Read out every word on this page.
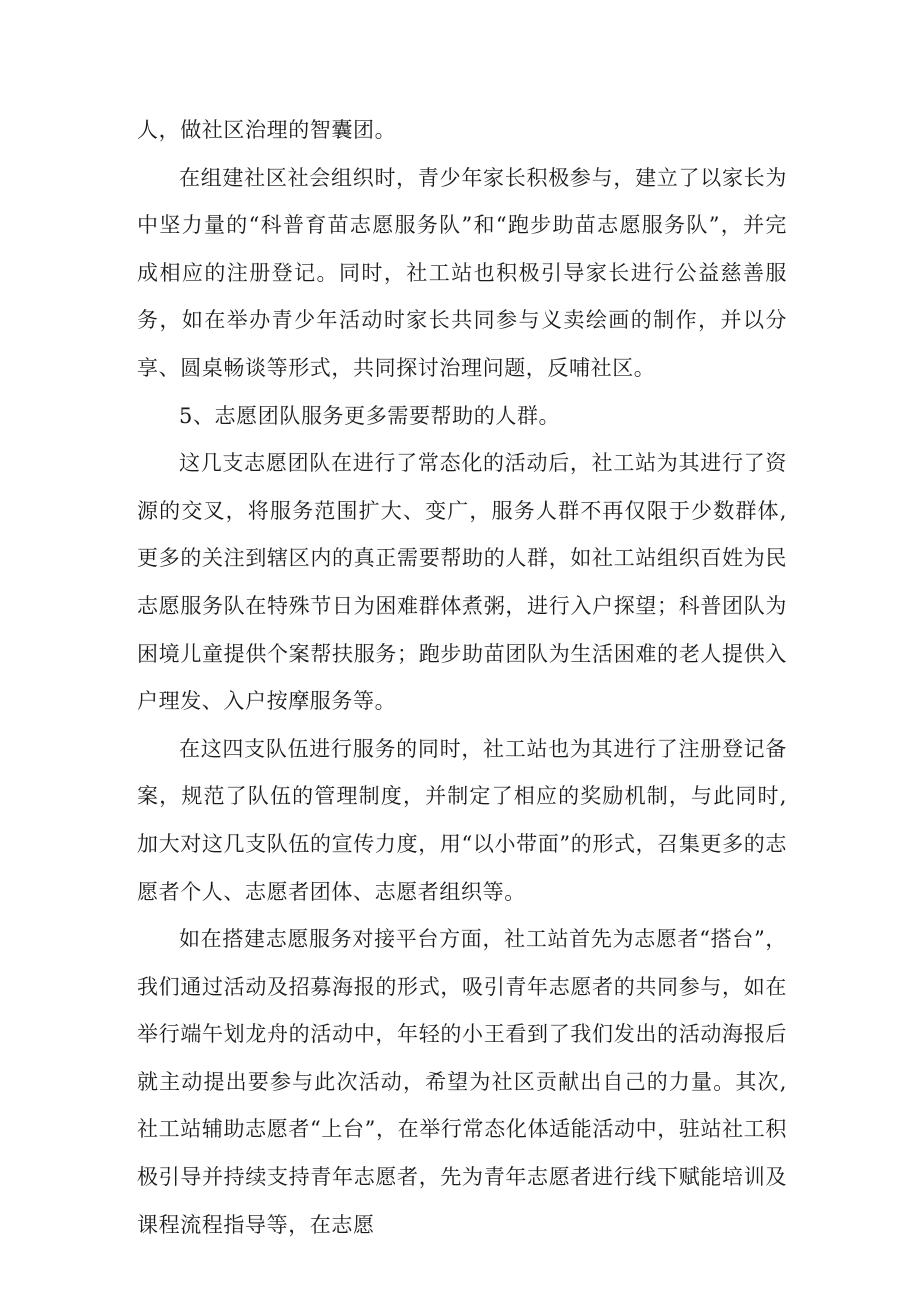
人，做社区治理的智囊团。

在组建社区社会组织时，青少年家长积极参与，建立了以家长为中坚力量的“科普育苗志愿服务队”和“跑步助苗志愿服务队”，并完成相应的注册登记。同时，社工站也积极引导家长进行公益慈善服务，如在举办青少年活动时家长共同参与义卖绘画的制作，并以分享、圆桌畅谈等形式，共同探讨治理问题，反哺社区。

5、志愿团队服务更多需要帮助的人群。

这几支志愿团队在进行了常态化的活动后，社工站为其进行了资源的交叉，将服务范围扩大、变广，服务人群不再仅限于少数群体,更多的关注到辖区内的真正需要帮助的人群，如社工站组织百姓为民志愿服务队在特殊节日为困难群体煮粥，进行入户探望；科普团队为困境儿童提供个案帮扶服务；跑步助苗团队为生活困难的老人提供入户理发、入户按摩服务等。

在这四支队伍进行服务的同时，社工站也为其进行了注册登记备案，规范了队伍的管理制度，并制定了相应的奖励机制，与此同时,加大对这几支队伍的宣传力度，用“以小带面”的形式，召集更多的志愿者个人、志愿者团体、志愿者组织等。

如在搭建志愿服务对接平台方面，社工站首先为志愿者“搭台”，我们通过活动及招募海报的形式，吸引青年志愿者的共同参与，如在举行端午划龙舟的活动中，年轻的小王看到了我们发出的活动海报后就主动提出要参与此次活动，希望为社区贡献出自己的力量。其次,社工站辅助志愿者“上台”，在举行常态化体适能活动中，驻站社工积极引导并持续支持青年志愿者，先为青年志愿者进行线下赋能培训及课程流程指导等，在志愿
